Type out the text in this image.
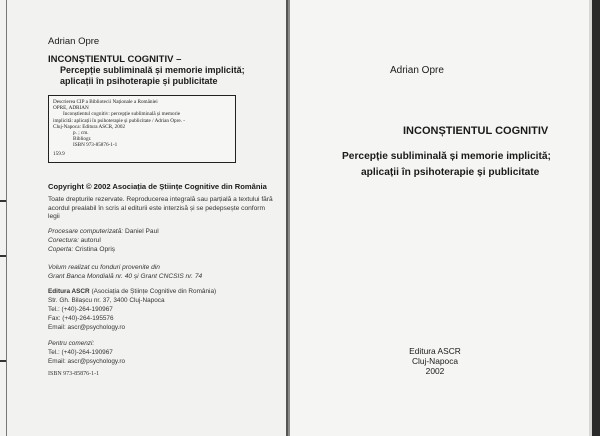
Adrian Opre
INCONȘTIENTUL COGNITIV –
Percepție subliminală și memorie implicită;
aplicații în psihoterapie și publicitate
Descrierea CIP a Bibliotecii Naționale a României
OPRE, ADRIAN
Inconștientul cognitiv: percepție subliminală și memorie
implicită: aplicații în psihoterapie și publicitate / Adrian Opre. -
Cluj-Napoca: Editura ASCR, 2002
p. ; cm.
Bibliogr.
ISBN 973-85876-1-1
159.9
Copyright © 2002 Asociația de Științe Cognitive din România
Toate drepturile rezervate. Reproducerea integrală sau parțială a textului fără acordul prealabil în scris al editurii este interzisă și se pedepsește conform legii
Procesare computerizată: Daniel Paul
Corectura: autorul
Coperta: Cristina Opriș
Volum realizat cu fonduri provenite din
Grant Banca Mondială nr. 40 și Grant CNCSIS nr. 74
Editura ASCR (Asociația de Științe Cognitive din România)
Str. Gh. Bilașcu nr. 37, 3400 Cluj-Napoca
Tel.: (+40)-264-190967
Fax: (+40)-264-195576
Email: ascr@psychology.ro
Pentru comenzi:
Tel.: (+40)-264-190967
Email: ascr@psychology.ro
ISBN 973-85876-1-1
Adrian Opre
INCONȘTIENTUL COGNITIV
Percepție subliminală și memorie implicită;
aplicații în psihoterapie și publicitate
Editura ASCR
Cluj-Napoca
2002
